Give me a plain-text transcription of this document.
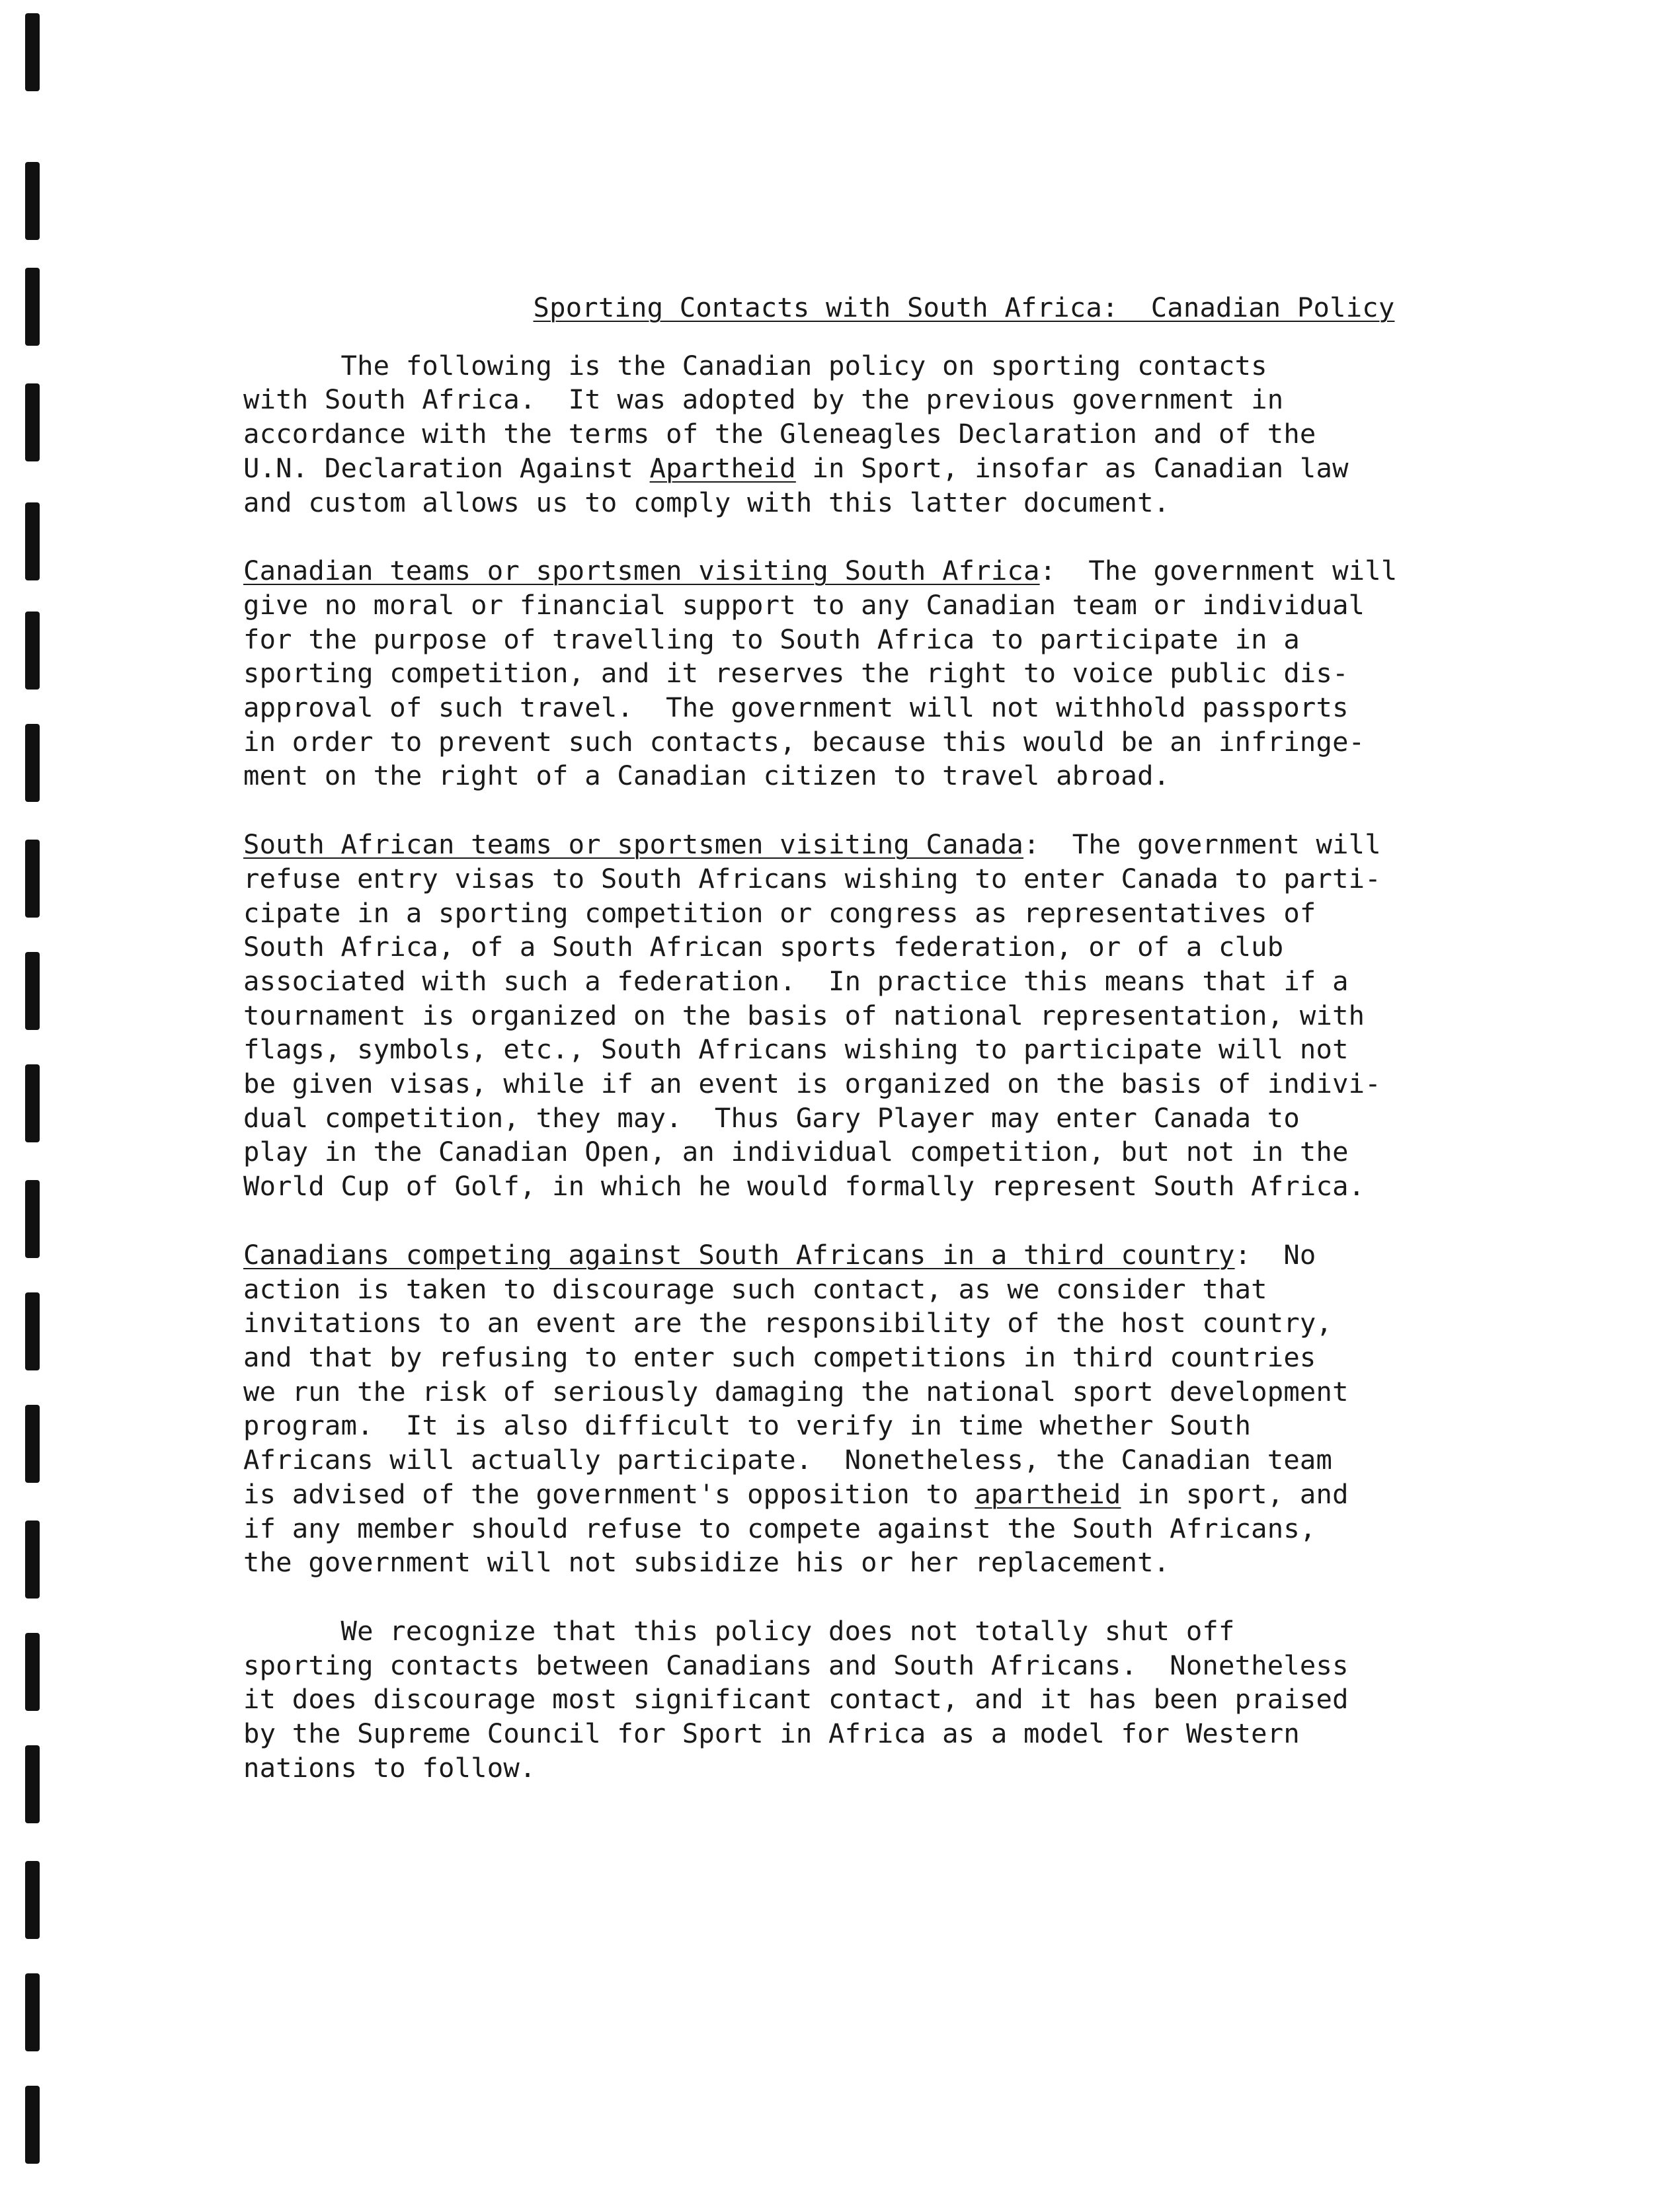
Sporting Contacts with South Africa:  Canadian Policy
The following is the Canadian policy on sporting contacts
with South Africa.  It was adopted by the previous government in
accordance with the terms of the Gleneagles Declaration and of the
U.N. Declaration Against Apartheid in Sport, insofar as Canadian law
and custom allows us to comply with this latter document.
Canadian teams or sportsmen visiting South Africa:  The government will
give no moral or financial support to any Canadian team or individual
for the purpose of travelling to South Africa to participate in a
sporting competition, and it reserves the right to voice public dis-
approval of such travel.  The government will not withhold passports
in order to prevent such contacts, because this would be an infringe-
ment on the right of a Canadian citizen to travel abroad.
South African teams or sportsmen visiting Canada:  The government will
refuse entry visas to South Africans wishing to enter Canada to parti-
cipate in a sporting competition or congress as representatives of
South Africa, of a South African sports federation, or of a club
associated with such a federation.  In practice this means that if a
tournament is organized on the basis of national representation, with
flags, symbols, etc., South Africans wishing to participate will not
be given visas, while if an event is organized on the basis of indivi-
dual competition, they may.  Thus Gary Player may enter Canada to
play in the Canadian Open, an individual competition, but not in the
World Cup of Golf, in which he would formally represent South Africa.
Canadians competing against South Africans in a third country:  No
action is taken to discourage such contact, as we consider that
invitations to an event are the responsibility of the host country,
and that by refusing to enter such competitions in third countries
we run the risk of seriously damaging the national sport development
program.  It is also difficult to verify in time whether South
Africans will actually participate.  Nonetheless, the Canadian team
is advised of the government's opposition to apartheid in sport, and
if any member should refuse to compete against the South Africans,
the government will not subsidize his or her replacement.
We recognize that this policy does not totally shut off
sporting contacts between Canadians and South Africans.  Nonetheless
it does discourage most significant contact, and it has been praised
by the Supreme Council for Sport in Africa as a model for Western
nations to follow.
